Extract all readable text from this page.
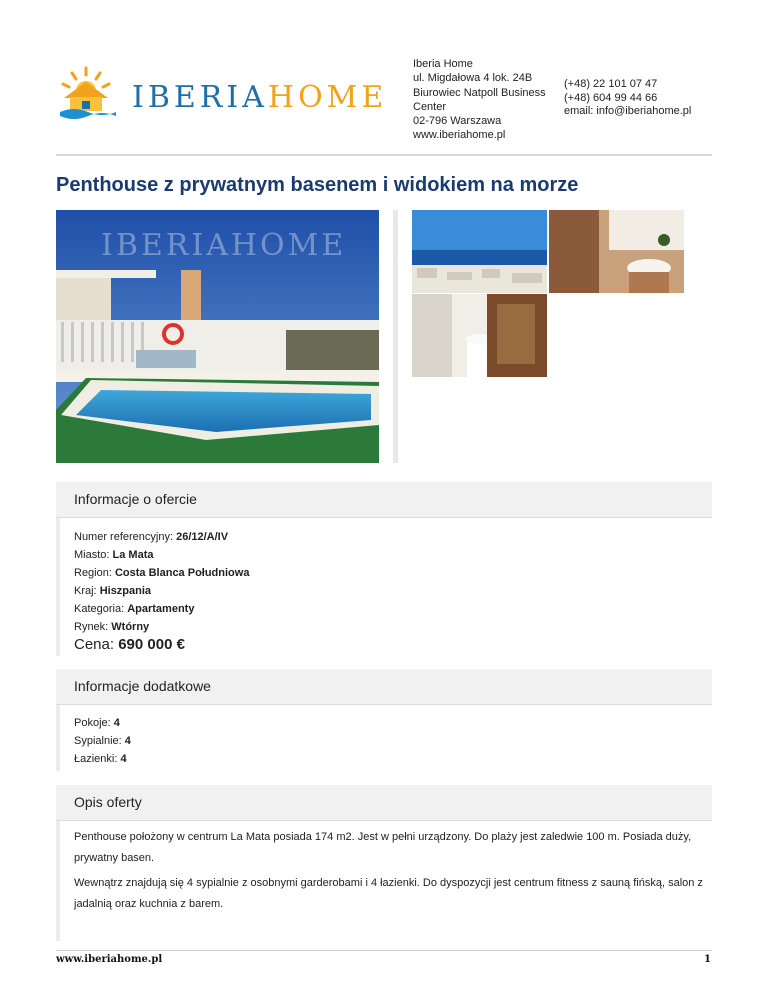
IBERIAHOME
Iberia Home
ul. Migdałowa 4 lok. 24B
Biurowiec Natpoll Business Center
02-796 Warszawa
www.iberiahome.pl
(+48) 22 101 07 47
(+48) 604 99 44 66
email: info@iberiahome.pl
Penthouse z prywatnym basenem i widokiem na morze
IBERIAHOME
Informacje o ofercie
Numer referencyjny: 26/12/A/IV
Miasto: La Mata
Region: Costa Blanca Południowa
Kraj: Hiszpania
Kategoria: Apartamenty
Rynek: Wtórny
Cena: 690 000 €
Informacje dodatkowe
Pokoje: 4
Sypialnie: 4
Łazienki: 4
Opis oferty

Penthouse położony w centrum La Mata posiada 174 m2. Jest w pełni urządzony. Do plaży jest zaledwie 100 m. Posiada duży, prywatny basen.

Wewnątrz znajdują się 4 sypialnie z osobnymi garderobami i 4 łazienki. Do dyspozycji jest centrum fitness z sauną fińską, salon z jadalnią oraz kuchnia z barem.

www.iberiahome.pl	1
